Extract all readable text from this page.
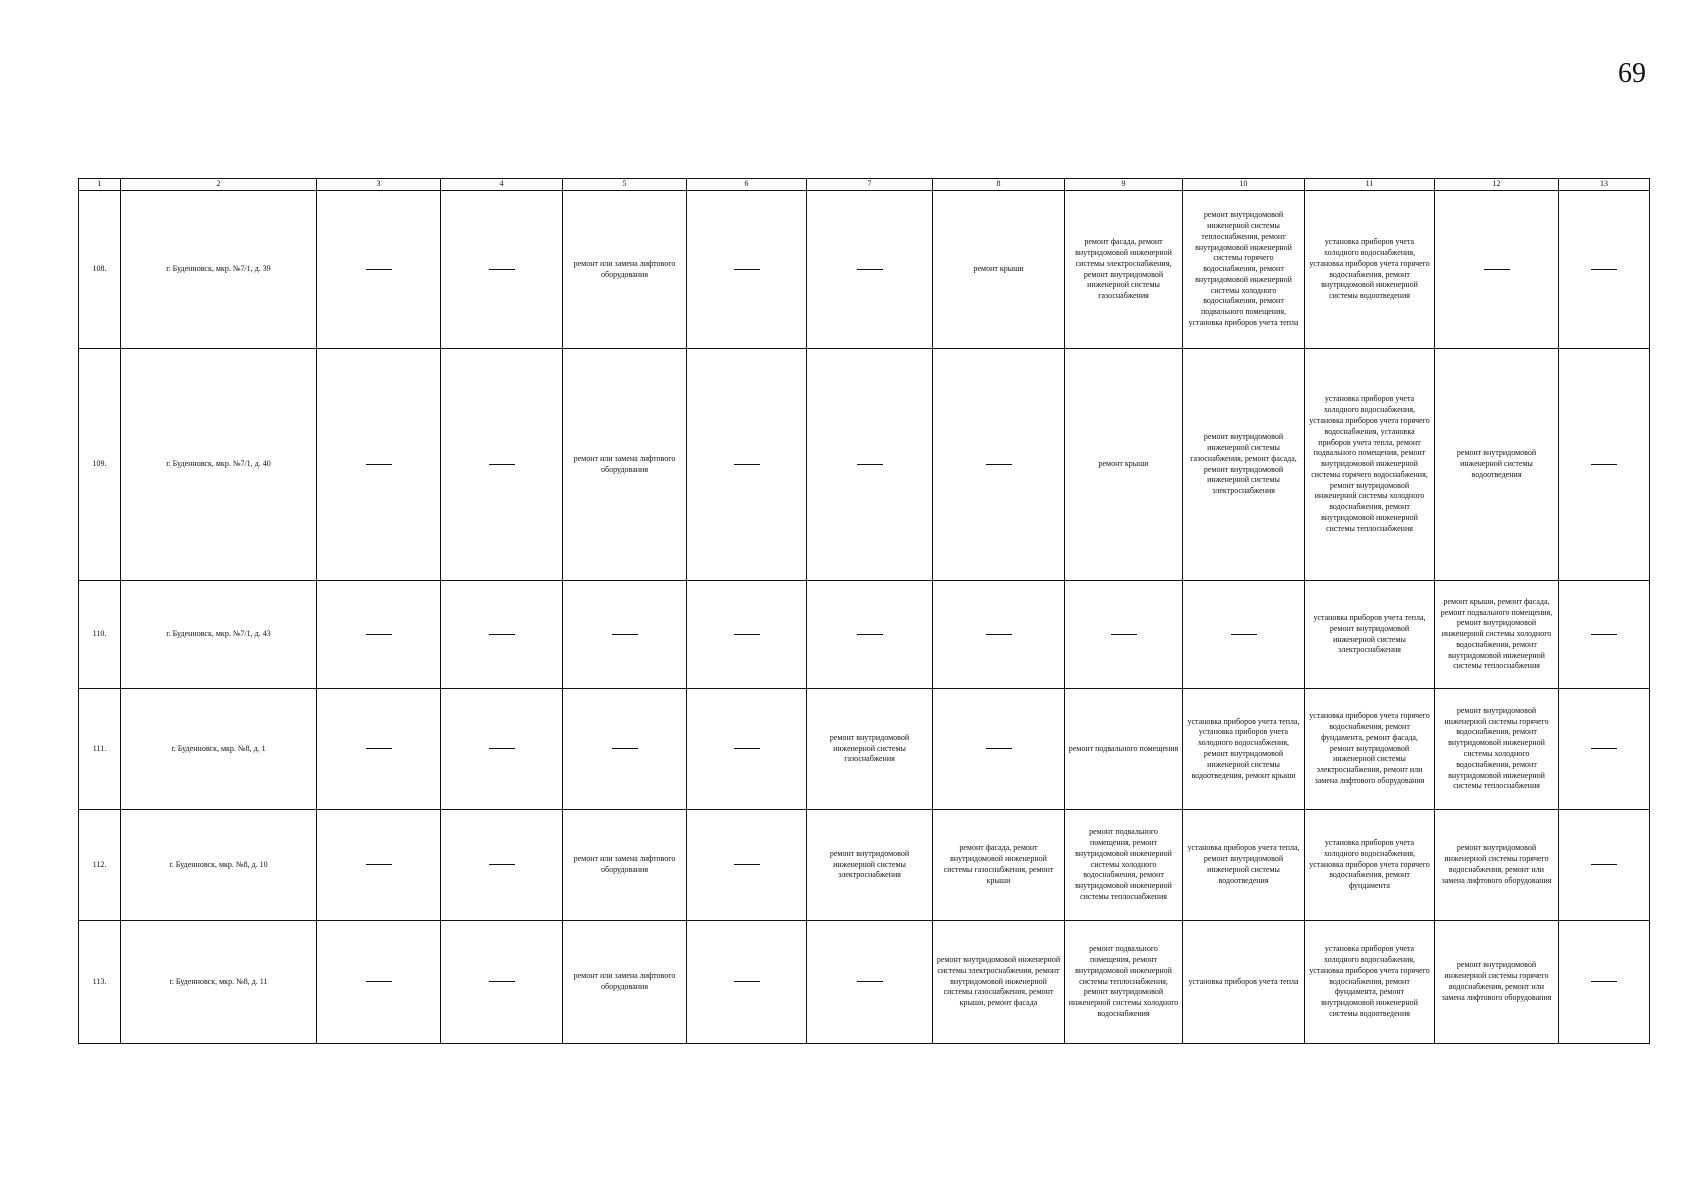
69
1	2	3	4	5	6	7	8	9	10	11	12	13
108.	г. Буденновск, мкр. №7/1, д. 39			ремонт или замена лифтового оборудования			ремонт крыши	ремонт фасада, ремонт внутридомовой инженерной системы электроснабжения, ремонт внутридомовой инженерной системы газоснабжения	ремонт внутридомовой инженерной системы теплоснабжения, ремонт внутридомовой инженерной системы горячего водоснабжения, ремонт внутридомовой инженерной системы холодного водоснабжения, ремонт подвального помещения, установка приборов учета тепла	установка приборов учета холодного водоснабжения, установка приборов учета горячего водоснабжения, ремонт внутридомовой инженерной системы водоотведения		
109.	г. Буденновск, мкр. №7/1, д. 40			ремонт или замена лифтового оборудования				ремонт крыши	ремонт внутридомовой инженерной системы газоснабжения, ремонт фасада, ремонт внутридомовой инженерной системы электроснабжения	установка приборов учета холодного водоснабжения, установка приборов учета горячего водоснабжения, установка приборов учета тепла, ремонт подвального помещения, ремонт внутридомовой инженерной системы горячего водоснабжения, ремонт внутридомовой инженерной системы холодного водоснабжения, ремонт внутридомовой инженерной системы теплоснабжения	ремонт внутридомовой инженерной системы водоотведения	
110.	г. Буденновск, мкр. №7/1, д. 43									установка приборов учета тепла, ремонт внутридомовой инженерной системы электроснабжения	ремонт крыши, ремонт фасада, ремонт подвального помещения, ремонт внутридомовой инженерной системы холодного водоснабжения, ремонт внутридомовой инженерной системы теплоснабжения	
111.	г. Буденновск, мкр. №8, д. 1					ремонт внутридомовой инженерной системы газоснабжения		ремонт подвального помещения	установка приборов учета тепла, установка приборов учета холодного водоснабжения, ремонт внутридомовой инженерной системы водоотведения, ремонт крыши	установка приборов учета горячего водоснабжения, ремонт фундамента, ремонт фасада, ремонт внутридомовой инженерной системы электроснабжения, ремонт или замена лифтового оборудования	ремонт внутридомовой инженерной системы горячего водоснабжения, ремонт внутридомовой инженерной системы холодного водоснабжения, ремонт внутридомовой инженерной системы теплоснабжения	
112.	г. Буденновск, мкр. №8, д. 10			ремонт или замена лифтового оборудования		ремонт внутридомовой инженерной системы электроснабжения	ремонт фасада, ремонт внутридомовой инженерной системы газоснабжения, ремонт крыши	ремонт подвального помещения, ремонт внутридомовой инженерной системы холодного водоснабжения, ремонт внутридомовой инженерной системы теплоснабжения	установка приборов учета тепла, ремонт внутридомовой инженерной системы водоотведения	установка приборов учета холодного водоснабжения, установка приборов учета горячего водоснабжения, ремонт фундамента	ремонт внутридомовой инженерной системы горячего водоснабжения, ремонт или замена лифтового оборудования	
113.	г. Буденновск, мкр. №8, д. 11			ремонт или замена лифтового оборудования			ремонт внутридомовой инженерной системы электроснабжения, ремонт внутридомовой инженерной системы газоснабжения, ремонт крыши, ремонт фасада	ремонт подвального помещения, ремонт внутридомовой инженерной системы теплоснабжения, ремонт внутридомовой инженерной системы холодного водоснабжения	установка приборов учета тепла	установка приборов учета холодного водоснабжения, установка приборов учета горячего водоснабжения, ремонт фундамента, ремонт внутридомовой инженерной системы водоотведения	ремонт внутридомовой инженерной системы горячего водоснабжения, ремонт или замена лифтового оборудования	
